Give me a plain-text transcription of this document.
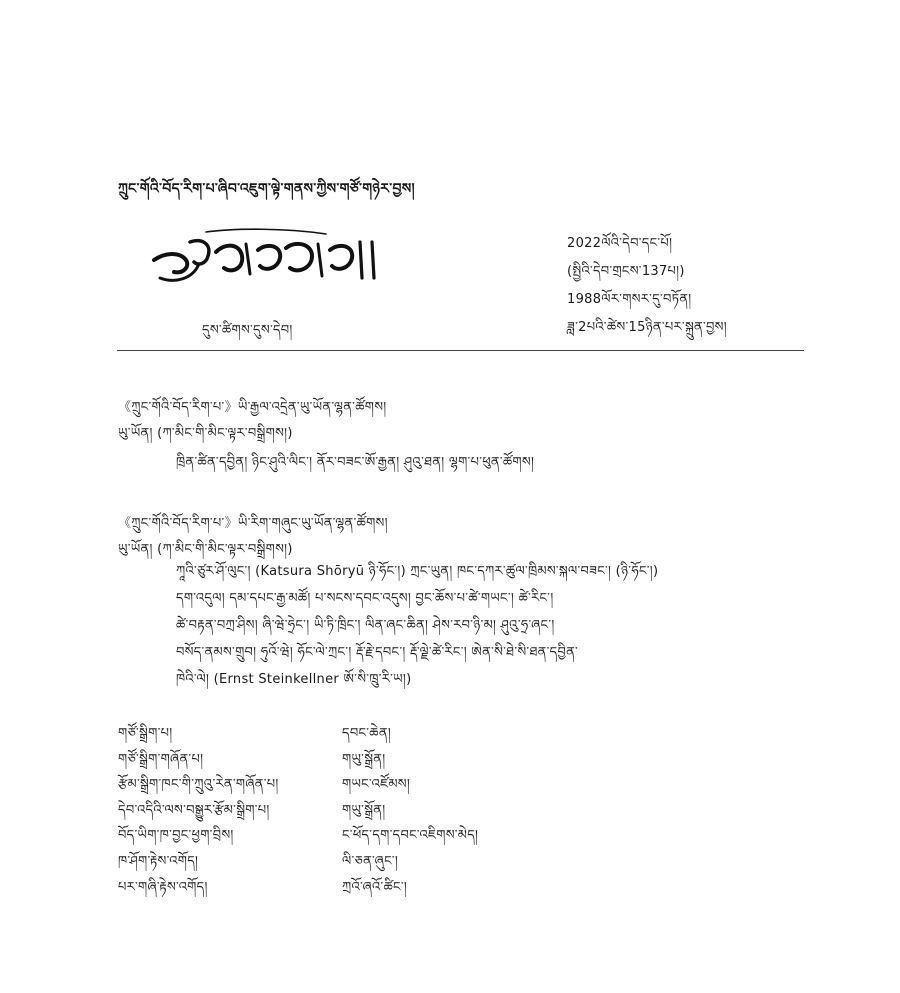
ཀྲུང་གོའི་བོད་རིག་པ་ཞིབ་འཇུག་ལྟེ་གནས་ཀྱིས་གཙོ་གཉེར་བྱས།
ཀྲུང་གོའི་བོད་རིག་པ།
དུས་ཚིགས་དུས་དེབ།
2022ལོའི་དེབ་དང་པོ།
(སྤྱིའི་དེབ་གྲངས་137པ།)
1988ལོར་གསར་དུ་བཏོན།
ཟླ་2པའི་ཚེས་15ཉིན་པར་སྐྲུན་བྱས།
《ཀྲུང་གོའི་བོད་རིག་པ་》ཡི་རྒྱལ་འདྲེན་ཡུ་ཡོན་ལྷན་ཚོགས།
ཡུ་ཡོན། (ཀ་མིང་གི་མིང་ལྟར་བསྒྲིགས།)
ཁྲིན་ཚིན་དབྱིན། ཉིང་ཤུའི་ལིང་། ནོར་བཟང་ཨོ་རྒྱན། ཤུའུ་ཐན། ལྷག་པ་ཕུན་ཚོགས།
《ཀྲུང་གོའི་བོད་རིག་པ་》ཡི་རིག་གཞུང་ཡུ་ཡོན་ལྷན་ཚོགས།
ཡུ་ཡོན། (ཀ་མིང་གི་མིང་ལྟར་བསྒྲིགས།)
ཀཱའི་ཙུར་ཤོ་ལུང་། (Katsura Shōryū ཉི་ཧོང་།) ཀྲང་ཡུན། ཁང་དཀར་ཚུལ་ཁྲིམས་སྐལ་བཟང་། (ཉི་ཧོང་།)
དག་འདུལ། དམ་དཔང་རྒྱ་མཚོ། པ་སངས་དབང་འདུས། བྱང་ཆོས་པ་ཚེ་གཡང་། ཚེ་རིང་།
ཚེ་བརྟན་བཀྲ་ཤིས། ཞི་ཝེ་ཧྲེང་། ཡི་ཏི་ཁྲིང་། ལིན་ཞང་ཆིན། ཤེས་རབ་ཉི་མ། ཤུའུ་ཧྲ་ཞང་།
བསོད་ནམས་གྲུབ། ཧུའོ་ཝེ། ཧོང་ལེ་ཀྲང་། རྡོ་རྗེ་དབང་། རྡོ་ལྗེ་ཚེ་རིང་། ཨེན་སི་ཐེ་སི་ཐན་དབྱིན་
ཁེའི་ལེ། (Ernst Steinkellner ཨོ་སི་ཁྲུ་རི་ཡ།)
གཙོ་སྒྲིག་པ།	དབང་ཆེན།
གཙོ་སྒྲིག་གཞོན་པ།	གཡུ་སྒྲོན།
རྩོམ་སྒྲིག་ཁང་གི་ཀྲུའུ་རེན་གཞོན་པ།	གཡང་འཛོམས།
དེབ་འདིའི་ལས་བསྒྱུར་རྩོམ་སྒྲིག་པ།	གཡུ་སྒྲོན།
བོད་ཡིག་ཁ་བྱང་ཕྱག་བྲིས།	ང་ཕོད་དག་དབང་འཇིགས་མེད།
ཁ་ཤོག་རྟེས་འགོད།	ལི་ཅན་ཞུང་།
པར་གཞི་རྟེས་འགོད།	ཀྲའོ་ཞའོ་ཚིང་།
